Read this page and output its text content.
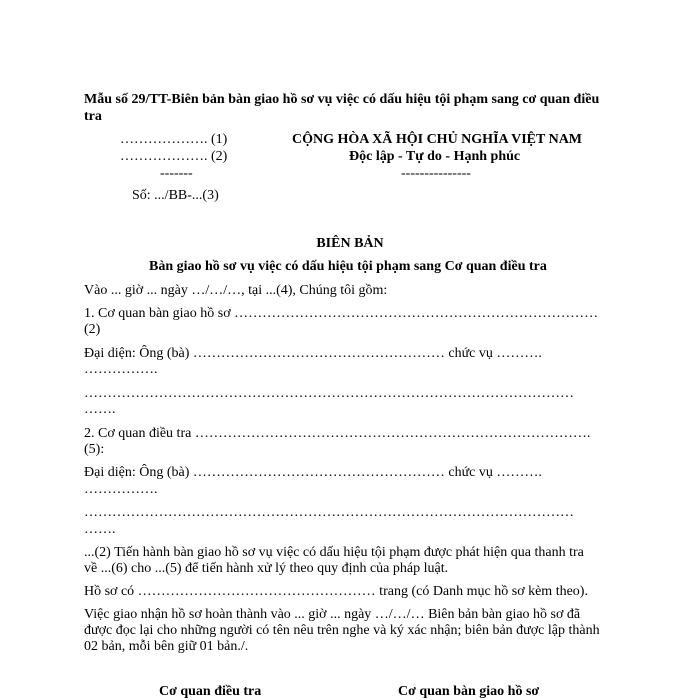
Mẫu số 29/TT-Biên bản bàn giao hồ sơ vụ việc có dấu hiệu tội phạm sang cơ quan điều
tra
………………. (1)
………………. (2)
-------
Số: .../BB-...(3)
CỘNG HÒA XÃ HỘI CHỦ NGHĨA VIỆT NAM
Độc lập - Tự do - Hạnh phúc
---------------
BIÊN BẢN
Bàn giao hồ sơ vụ việc có dấu hiệu tội phạm sang Cơ quan điều tra
Vào ... giờ ... ngày …/…/…, tại ...(4), Chúng tôi gồm:
1. Cơ quan bàn giao hồ sơ ……………………………………………………………………
(2)
Đại diện: Ông (bà) ……………………………………………… chức vụ ……….
…………….
……………………………………………………………………………………………
…….
2. Cơ quan điều tra ………………………………………………………………………….
(5):
Đại diện: Ông (bà) ……………………………………………… chức vụ ……….
…………….
……………………………………………………………………………………………
…….
...(2) Tiến hành bàn giao hồ sơ vụ việc có dấu hiệu tội phạm được phát hiện qua thanh tra
về ...(6) cho ...(5) để tiến hành xử lý theo quy định của pháp luật.
Hồ sơ có …………………………………………… trang (có Danh mục hồ sơ kèm theo).
Việc giao nhận hồ sơ hoàn thành vào ... giờ ... ngày …/…/… Biên bản bàn giao hồ sơ đã
được đọc lại cho những người có tên nêu trên nghe và ký xác nhận; biên bản được lập thành
02 bản, mỗi bên giữ 01 bản./.
Cơ quan điều tra	Cơ quan bàn giao hồ sơ
